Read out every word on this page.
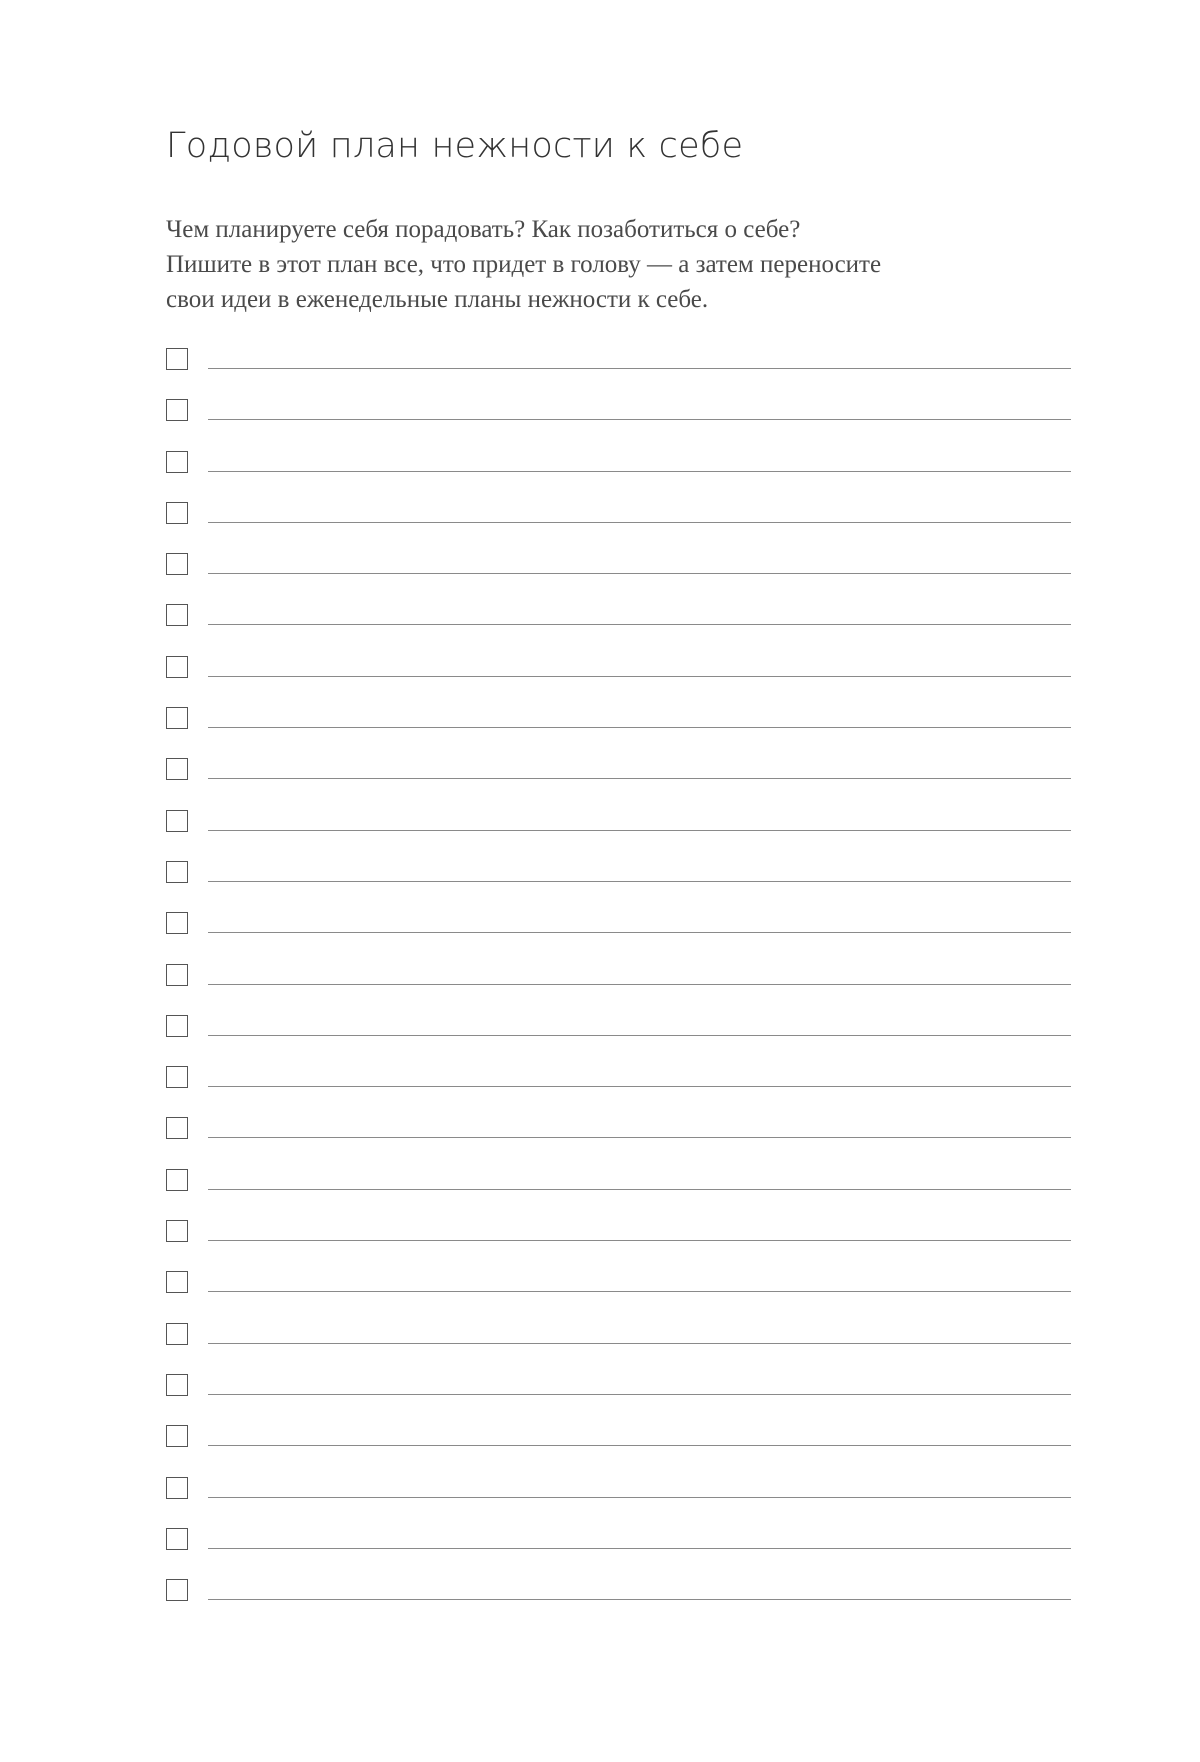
Годовой план нежности к себе

Чем планируете себя порадовать? Как позаботиться о себе?
Пишите в этот план все, что придет в голову — а затем переносите
свои идеи в еженедельные планы нежности к себе.
